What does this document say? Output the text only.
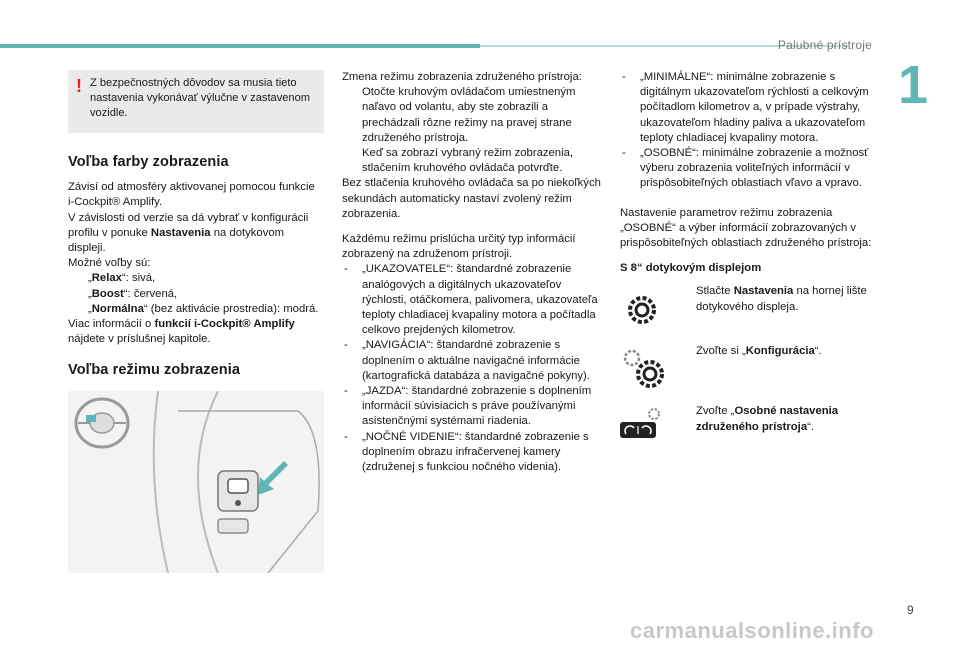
Palubné prístroje
1
! Z bezpečnostných dôvodov sa musia tieto nastavenia vykonávať výlučne v zastavenom vozidle.

Voľba farby zobrazenia

Závisí od atmosféry aktivovanej pomocou funkcie i-Cockpit® Amplify.

V závislosti od verzie sa dá vybrať v konfigurácii profilu v ponuke Nastavenia na dotykovom displeji.

Možné voľby sú:

„Relax“: sivá,
„Boost“: červená,
„Normálna“ (bez aktivácie prostredia): modrá.

Viac informácií o funkcií i-Cockpit® Amplify nájdete v príslušnej kapitole.

Voľba režimu zobrazenia

Zmena režimu zobrazenia združeného prístroja:

Otočte kruhovým ovládačom umiestneným naľavo od volantu, aby ste zobrazili a prechádzali rôzne režimy na pravej strane združeného prístroja.
Keď sa zobrazí vybraný režim zobrazenia, stlačením kruhového ovládača potvrďte.

Bez stlačenia kruhového ovládača sa po niekoľkých sekundách automaticky nastaví zvolený režim zobrazenia.

Každému režimu prislúcha určitý typ informácií zobrazený na združenom prístroji.

- „UKAZOVATELE“: štandardné zobrazenie analógových a digitálnych ukazovateľov rýchlosti, otáčkomera, palivomera, ukazovateľa teploty chladiacej kvapaliny motora a počítadla celkovo prejdených kilometrov.
- „NAVIGÁCIA“: štandardné zobrazenie s doplnením o aktuálne navigačné informácie (kartografická databáza a navigačné pokyny).
- „JAZDA“: štandardné zobrazenie s doplnením informácií súvisiacich s práve používanými asistenčnými systémami riadenia.
- „NOČNÉ VIDENIE“: štandardné zobrazenie s doplnením obrazu infračervenej kamery (združenej s funkciou nočného videnia).
- „MINIMÁLNE“: minimálne zobrazenie s digitálnym ukazovateľom rýchlosti a celkovým počítadlom kilometrov a, v prípade výstrahy, ukazovateľom hladiny paliva a ukazovateľom teploty chladiacej kvapaliny motora.
- „OSOBNÉ“: minimálne zobrazenie a možnosť výberu zobrazenia voliteľných informácií v prispôsobiteľných oblastiach vľavo a vpravo.

Nastavenie parametrov režimu zobrazenia „OSOBNÉ“ a výber informácií zobrazovaných v prispôsobiteľných oblastiach združeného prístroja:

S 8“ dotykovým displejom

Stlačte Nastavenia na hornej lište dotykového displeja.
Zvoľte si „Konfigurácia“.
Zvoľte „Osobné nastavenia združeného prístroja“.
9
carmanualsonline.info
